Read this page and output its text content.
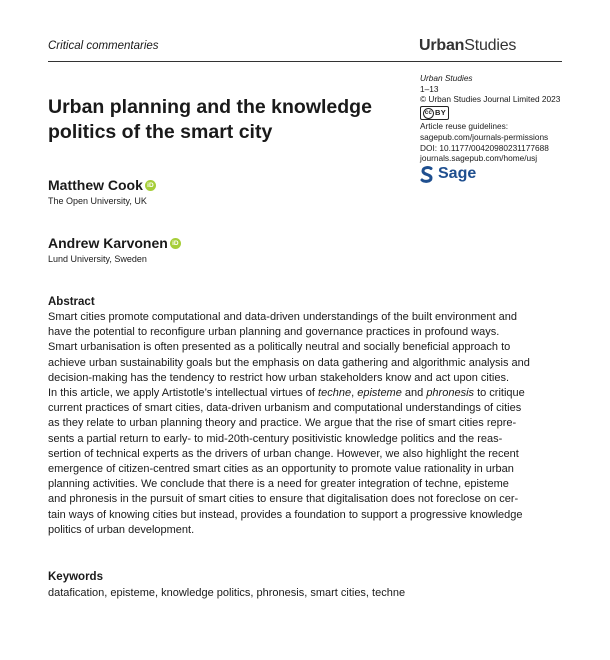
Critical commentaries	UrbanStudies
Urban Studies
1–13
© Urban Studies Journal Limited 2023
cc BY
Article reuse guidelines:
sagepub.com/journals-permissions
DOI: 10.1177/00420980231177688
journals.sagepub.com/home/usj
Sage
Urban planning and the knowledge politics of the smart city
Matthew Cook iD
The Open University, UK
Andrew Karvonen iD
Lund University, Sweden
Abstract
Smart cities promote computational and data-driven understandings of the built environment and
have the potential to reconfigure urban planning and governance practices in profound ways.
Smart urbanisation is often presented as a politically neutral and socially beneficial approach to
achieve urban sustainability goals but the emphasis on data gathering and algorithmic analysis and
decision-making has the tendency to restrict how urban stakeholders know and act upon cities.
In this article, we apply Artistotle’s intellectual virtues of techne, episteme and phronesis to critique
current practices of smart cities, data-driven urbanism and computational understandings of cities
as they relate to urban planning theory and practice. We argue that the rise of smart cities repre-
sents a partial return to early- to mid-20th-century positivistic knowledge politics and the reas-
sertion of technical experts as the drivers of urban change. However, we also highlight the recent
emergence of citizen-centred smart cities as an opportunity to promote value rationality in urban
planning activities. We conclude that there is a need for greater integration of techne, episteme
and phronesis in the pursuit of smart cities to ensure that digitalisation does not foreclose on cer-
tain ways of knowing cities but instead, provides a foundation to support a progressive knowledge
politics of urban development.
Keywords
datafication, episteme, knowledge politics, phronesis, smart cities, techne
